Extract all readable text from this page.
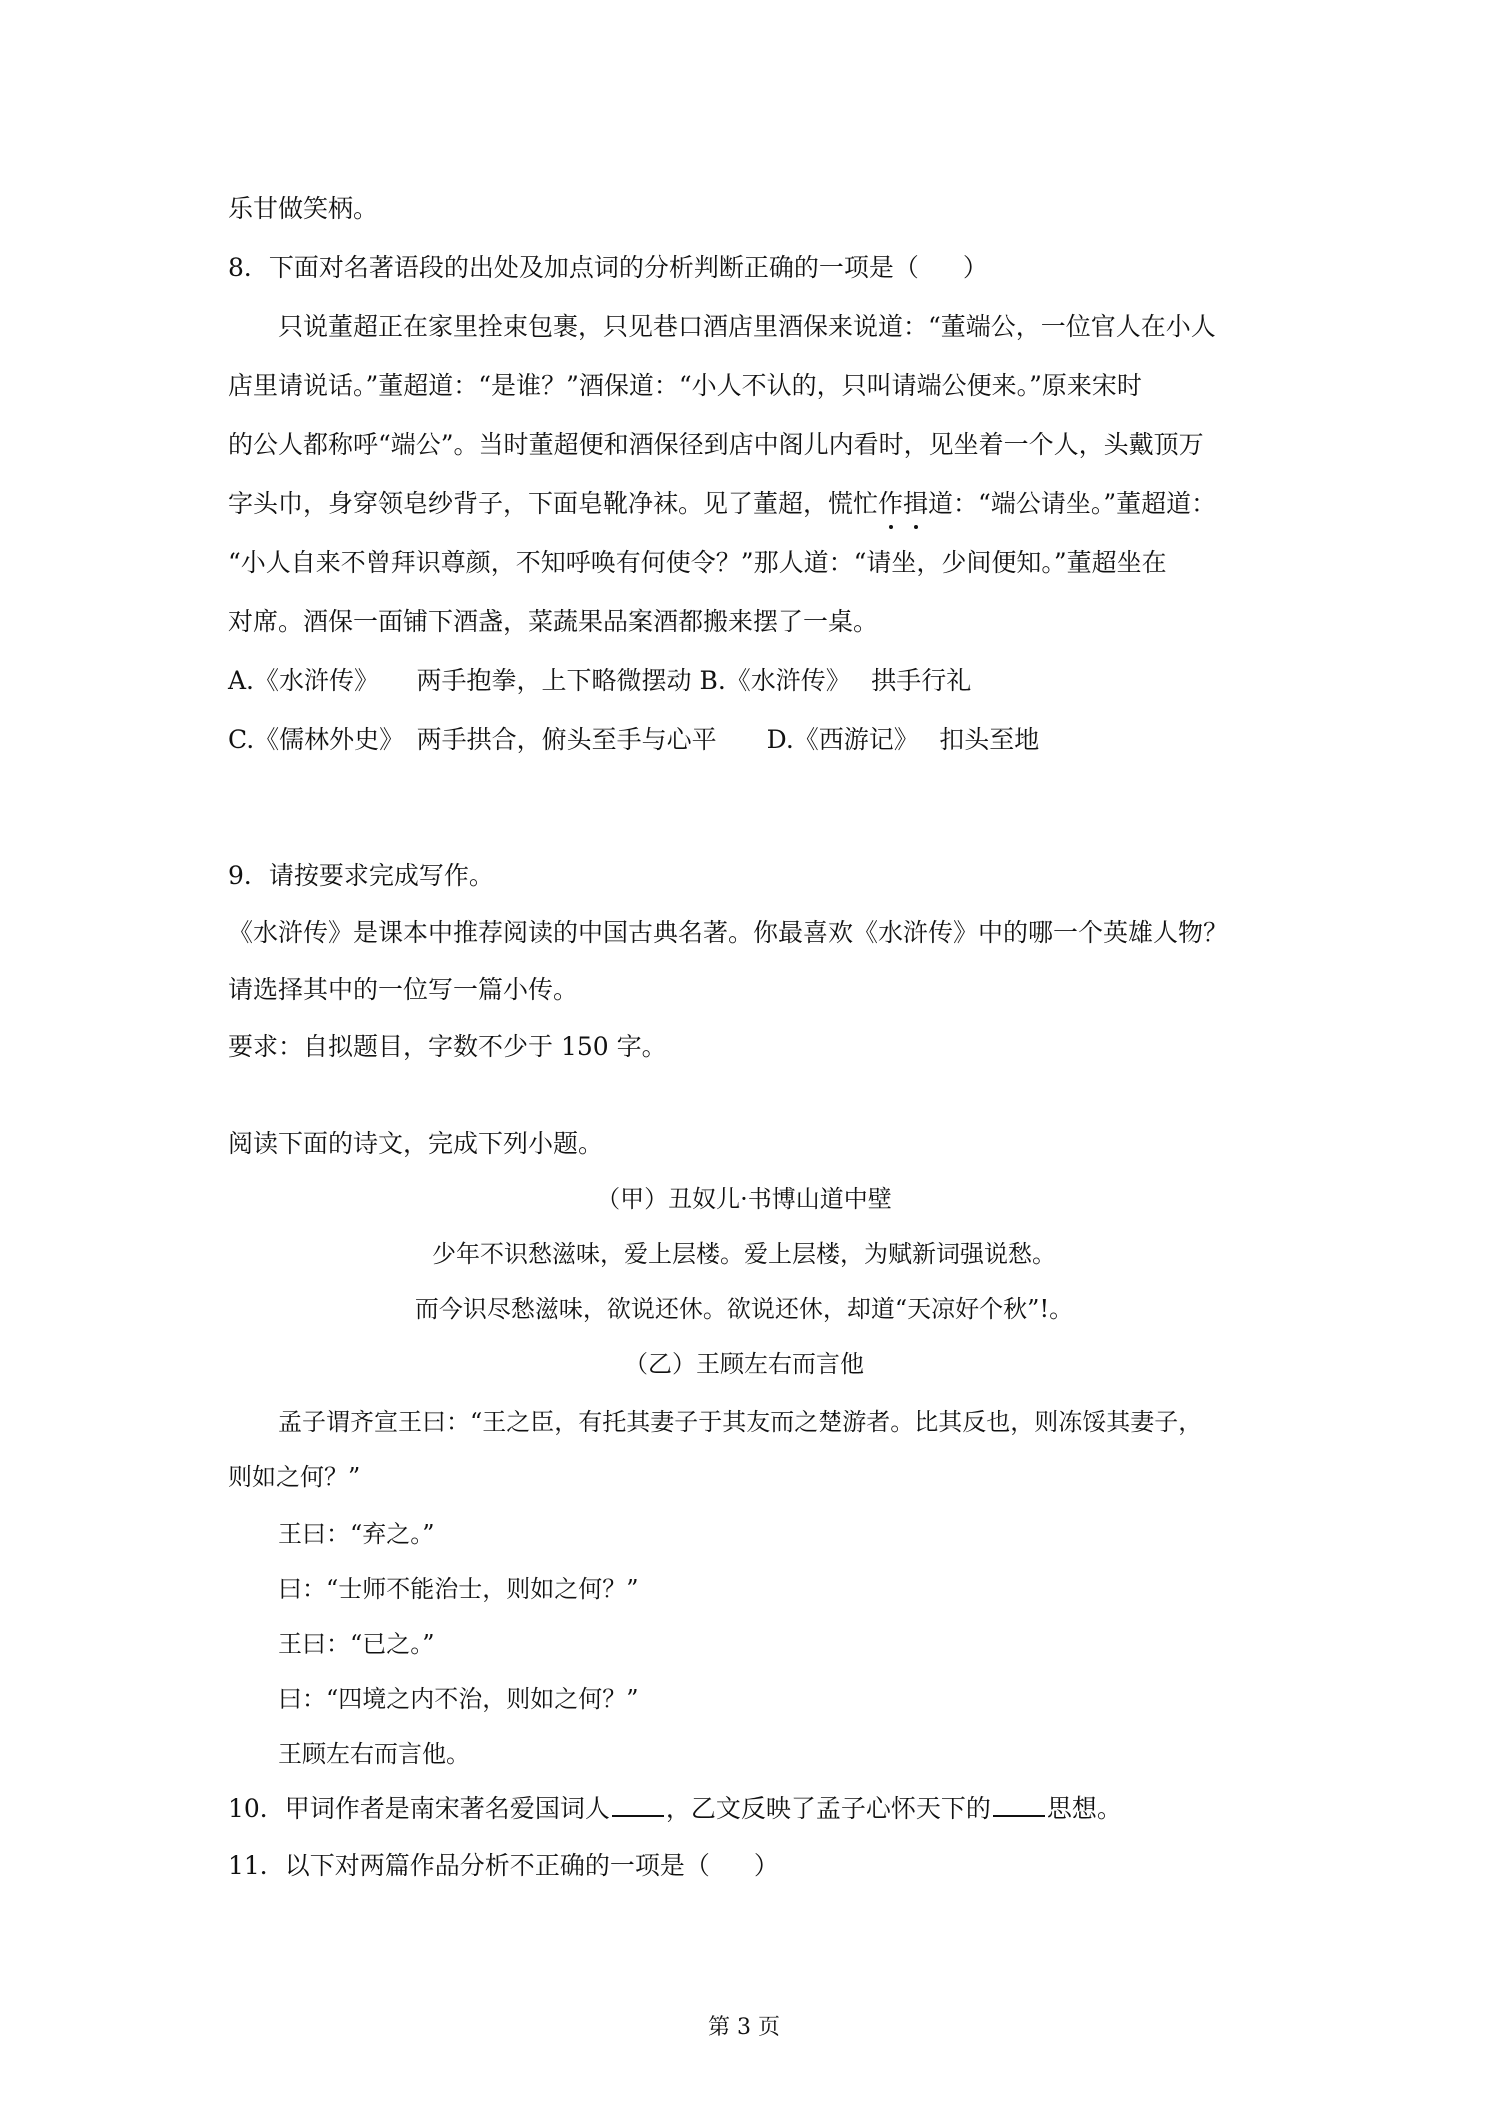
乐甘做笑柄。
8．下面对名著语段的出处及加点词的分析判断正确的一项是（ ）
只说董超正在家里拴束包裹，只见巷口酒店里酒保来说道：“董端公，一位官人在小人
店里请说话。”董超道：“是谁？”酒保道：“小人不认的，只叫请端公便来。”原来宋时
的公人都称呼“端公”。当时董超便和酒保径到店中阁儿内看时，见坐着一个人，头戴顶万
字头巾，身穿领皂纱背子，下面皂靴净袜。见了董超，慌忙作
揖
道：“端公请坐。”董超道：
“小人自来不曾拜识尊颜，不知呼唤有何使令？”那人道：“请坐，少间便知。”董超坐在
对席。酒保一面铺下酒盏，菜蔬果品案酒都搬来摆了一桌。
A.《水浒传》　　两手抱拳，上下略微摆动 B.《水浒传》　 拱手行礼
C.《儒林外史》　两手拱合，俯头至手与心平　　D.《西游记》　 扣头至地
9．请按要求完成写作。
《水浒传》是课本中推荐阅读的中国古典名著。你最喜欢《水浒传》中的哪一个英雄人物？
请选择其中的一位写一篇小传。
要求：自拟题目，字数不少于 150 字。
阅读下面的诗文，完成下列小题。
（甲）丑奴儿·书博山道中壁
少年不识愁滋味，爱上层楼。爱上层楼，为赋新词强说愁。
而今识尽愁滋味，欲说还休。欲说还休，却道“天凉好个秋”!。
（乙）王顾左右而言他
孟子谓齐宣王曰：“王之臣，有托其妻子于其友而之楚游者。比其反也，则冻馁其妻子，
则如之何？”
王曰：“弃之。”
曰：“士师不能治士，则如之何？”
王曰：“已之。”
曰：“四境之内不治，则如之何？”
王顾左右而言他。
10．甲词作者是南宋著名爱国词人 ，乙文反映了孟子心怀天下的 思想。
11．以下对两篇作品分析不正确的一项是（ ）
第 3 页
